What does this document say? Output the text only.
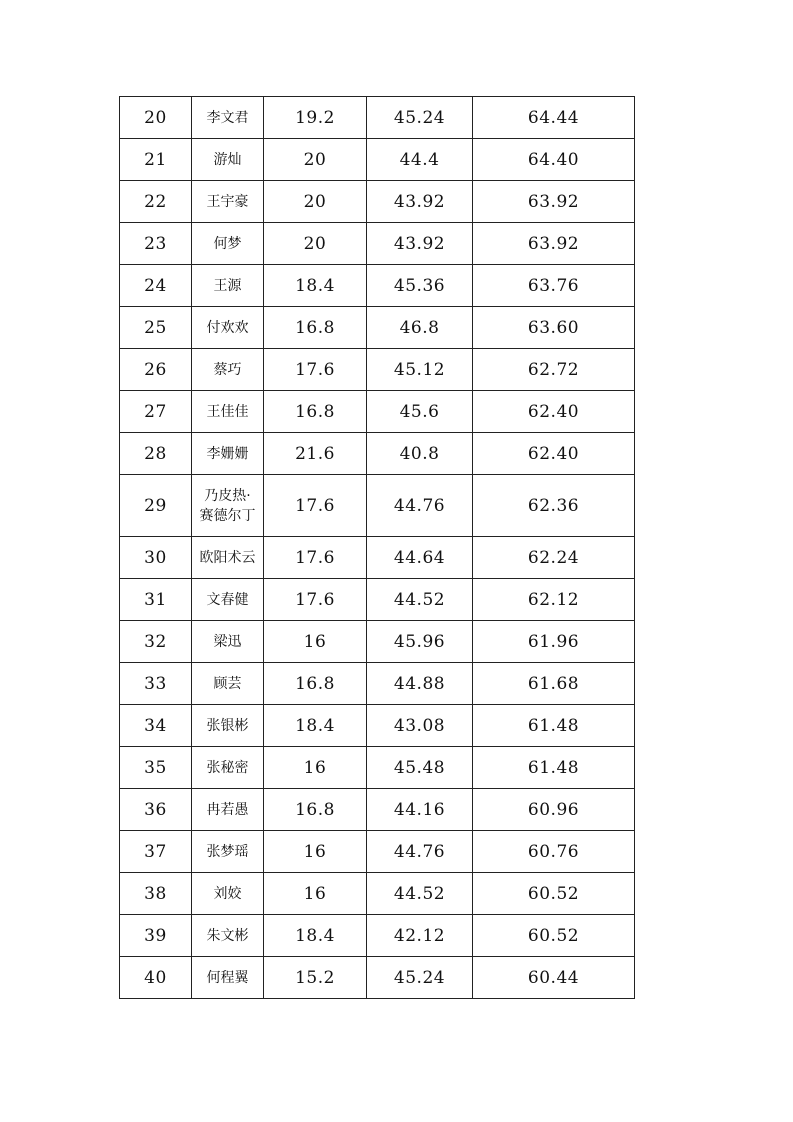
20	李文君	19.2	45.24	64.44
21	游灿	20	44.4	64.40
22	王宇豪	20	43.92	63.92
23	何梦	20	43.92	63.92
24	王源	18.4	45.36	63.76
25	付欢欢	16.8	46.8	63.60
26	蔡巧	17.6	45.12	62.72
27	王佳佳	16.8	45.6	62.40
28	李姗姗	21.6	40.8	62.40
29	乃皮热·赛德尔丁	17.6	44.76	62.36
30	欧阳术云	17.6	44.64	62.24
31	文春健	17.6	44.52	62.12
32	梁迅	16	45.96	61.96
33	顾芸	16.8	44.88	61.68
34	张银彬	18.4	43.08	61.48
35	张秘密	16	45.48	61.48
36	冉若愚	16.8	44.16	60.96
37	张梦瑶	16	44.76	60.76
38	刘姣	16	44.52	60.52
39	朱文彬	18.4	42.12	60.52
40	何程翼	15.2	45.24	60.44
